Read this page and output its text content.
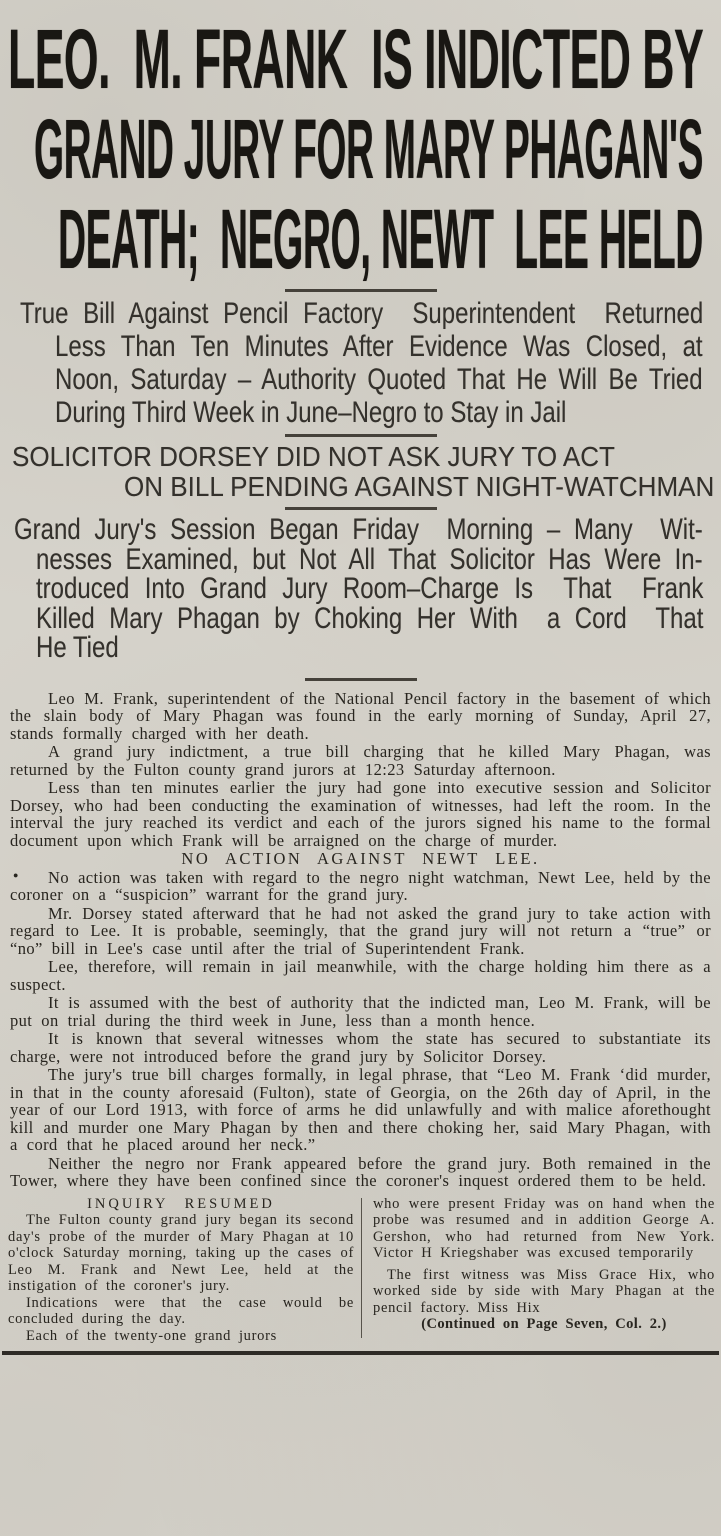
LEO.  M. FRANK  IS INDICTED BY
GRAND JURY FOR MARY PHAGAN'S
DEATH;  NEGRO, NEWT  LEE HELD
True Bill Against Pencil Factory  Superintendent  Returned
Less Than Ten Minutes After Evidence Was Closed, at
Noon, Saturday – Authority Quoted That He Will Be Tried
During Third Week in June–Negro to Stay in Jail
SOLICITOR DORSEY DID NOT ASK JURY TO ACT
ON BILL PENDING AGAINST NIGHT-WATCHMAN
Grand Jury's Session Began Friday  Morning – Many  Wit-
nesses Examined, but Not All That Solicitor Has Were In-
troduced Into Grand Jury Room–Charge Is  That  Frank
Killed Mary Phagan by Choking Her With  a Cord  That
He Tied

Leo M. Frank, superintendent of the National Pencil factory in the basement of which the slain body of Mary Phagan was found in the early morning of Sunday, April 27, stands formally charged with her death.

A grand jury indictment, a true bill charging that he killed Mary Phagan, was returned by the Fulton county grand jurors at 12:23 Saturday afternoon.

Less than ten minutes earlier the jury had gone into executive session and Solicitor Dorsey, who had been conducting the examination of witnesses, had left the room. In the interval the jury reached its verdict and each of the jurors signed his name to the formal document upon which Frank will be arraigned on the charge of murder.

NO ACTION AGAINST NEWT LEE.

●	No action was taken with regard to the negro night watchman, Newt Lee, held by the coroner on a “suspicion” warrant for the grand jury.

Mr. Dorsey stated afterward that he had not asked the grand jury to take action with regard to Lee. It is probable, seemingly, that the grand jury will not return a “true” or “no” bill in Lee's case until after the trial of Superintendent Frank.

Lee, therefore, will remain in jail meanwhile, with the charge holding him there as a suspect.

It is assumed with the best of authority that the indicted man, Leo M. Frank, will be put on trial during the third week in June, less than a month hence.

It is known that several witnesses whom the state has secured to substantiate its charge, were not introduced before the grand jury by Solicitor Dorsey.

The jury's true bill charges formally, in legal phrase, that “Leo M. Frank ‘did murder, in that in the county aforesaid (Fulton), state of Georgia, on the 26th day of April, in the year of our Lord 1913, with force of arms he did unlawfully and with malice aforethought kill and murder one Mary Phagan by then and there choking her, said Mary Phagan, with a cord that he placed around her neck.”

Neither the negro nor Frank appeared before the grand jury. Both remained in the Tower, where they have been confined since the coroner's inquest ordered them to be held.

INQUIRY RESUMED

The Fulton county grand jury began its second day's probe of the murder of Mary Phagan at 10 o'clock Saturday morning, taking up the cases of Leo M. Frank and Newt Lee, held at the instigation of the coroner's jury.

Indications were that the case would be concluded during the day.

Each of the twenty-one grand jurors

who were present Friday was on hand when the probe was resumed and in addition George A. Gershon, who had returned from New York. Victor H Kriegshaber was excused temporarily

The first witness was Miss Grace Hix, who worked side by side with Mary Phagan at the pencil factory. Miss Hix

(Continued on Page Seven, Col. 2.)
